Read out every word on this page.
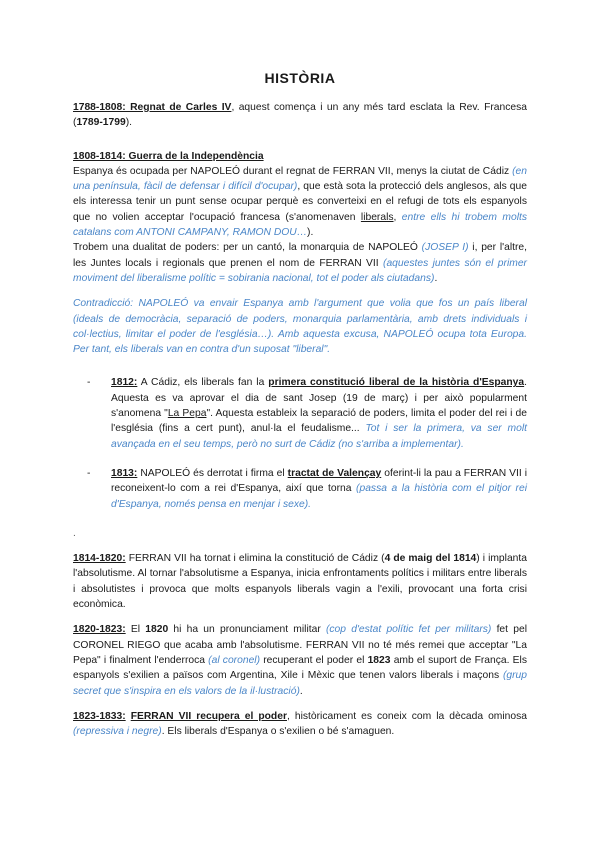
HISTÒRIA

1788-1808: Regnat de Carles IV, aquest comença i un any més tard esclata la Rev. Francesa (1789-1799).

1808-1814: Guerra de la Independència

Espanya és ocupada per NAPOLEÓ durant el regnat de FERRAN VII, menys la ciutat de Cádiz (en una península, fàcil de defensar i difícil d'ocupar), que està sota la protecció dels anglesos, als que els interessa tenir un punt sense ocupar perquè es converteixi en el refugi de tots els espanyols que no volien acceptar l'ocupació francesa (s'anomenaven liberals, entre ells hi trobem molts catalans com ANTONI CAMPANY, RAMON DOU…).

Trobem una dualitat de poders: per un cantó, la monarquia de NAPOLEÓ (JOSEP I) i, per l'altre, les Juntes locals i regionals que prenen el nom de FERRAN VII (aquestes juntes són el primer moviment del liberalisme polític = sobirania nacional, tot el poder als ciutadans).

Contradicció: NAPOLEÓ va envair Espanya amb l'argument que volia que fos un país liberal (ideals de democràcia, separació de poders, monarquia parlamentària, amb drets individuals i col·lectius, limitar el poder de l'església…). Amb aquesta excusa, NAPOLEÓ ocupa tota Europa. Per tant, els liberals van en contra d'un suposat "liberal".

- 1812: A Cádiz, els liberals fan la primera constitució liberal de la història d'Espanya. Aquesta es va aprovar el dia de sant Josep (19 de març) i per això popularment s'anomena "La Pepa". Aquesta estableix la separació de poders, limita el poder del rei i de l'església (fins a cert punt), anul·la el feudalisme... Tot i ser la primera, va ser molt avançada en el seu temps, però no surt de Cádiz (no s'arriba a implementar).
- 1813: NAPOLEÓ és derrotat i firma el tractat de Valençay oferint-li la pau a FERRAN VII i reconeixent-lo com a rei d'Espanya, així que torna (passa a la història com el pitjor rei d'Espanya, només pensa en menjar i sexe).

.

1814-1820: FERRAN VII ha tornat i elimina la constitució de Cádiz (4 de maig del 1814) i implanta l'absolutisme. Al tornar l'absolutisme a Espanya, inicia enfrontaments polítics i militars entre liberals i absolutistes i provoca que molts espanyols liberals vagin a l'exili, provocant una forta crisi econòmica.

1820-1823: El 1820 hi ha un pronunciament militar (cop d'estat polític fet per militars) fet pel CORONEL RIEGO que acaba amb l'absolutisme. FERRAN VII no té més remei que acceptar "La Pepa" i finalment l'enderroca (al coronel) recuperant el poder el 1823 amb el suport de França. Els espanyols s'exilien a països com Argentina, Xile i Mèxic que tenen valors liberals i maçons (grup secret que s'inspira en els valors de la il·lustració).

1823-1833: FERRAN VII recupera el poder, històricament es coneix com la dècada ominosa (repressiva i negre). Els liberals d'Espanya o s'exilien o bé s'amaguen.
